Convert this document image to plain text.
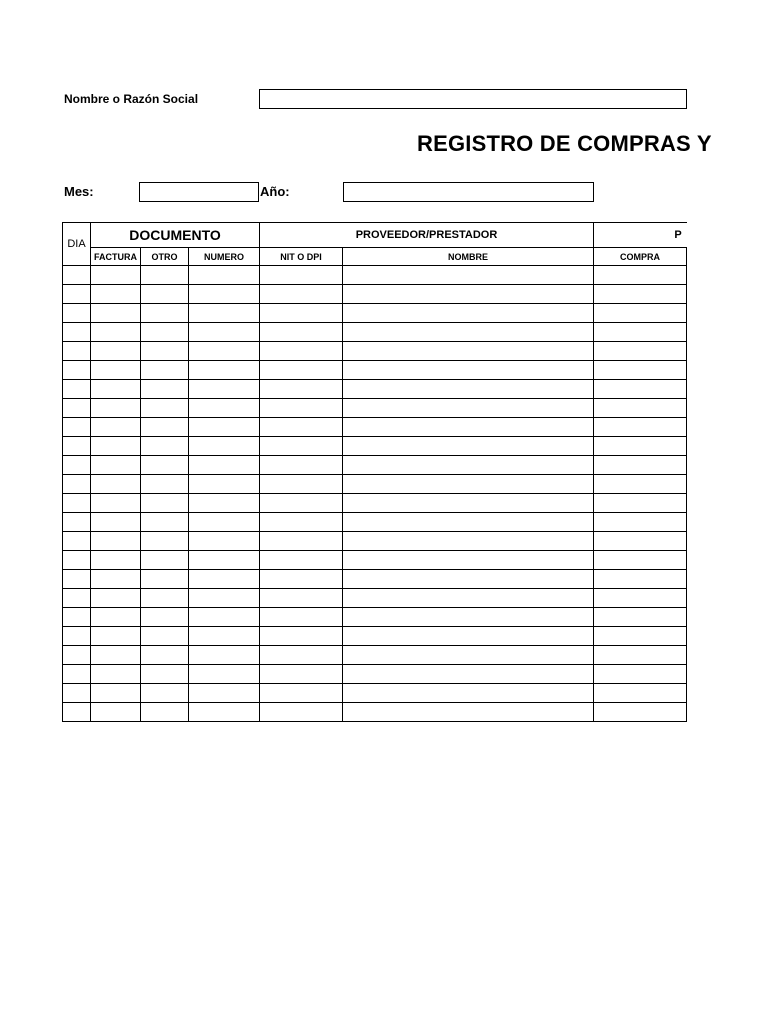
Nombre o Razón Social
REGISTRO DE COMPRAS Y
Mes:	Año:
DIA	DOCUMENTO			PROVEEDOR/PRESTADOR		P	
	FACTURA	OTRO	NUMERO	NIT O DPI	NOMBRE	COMPRA	
